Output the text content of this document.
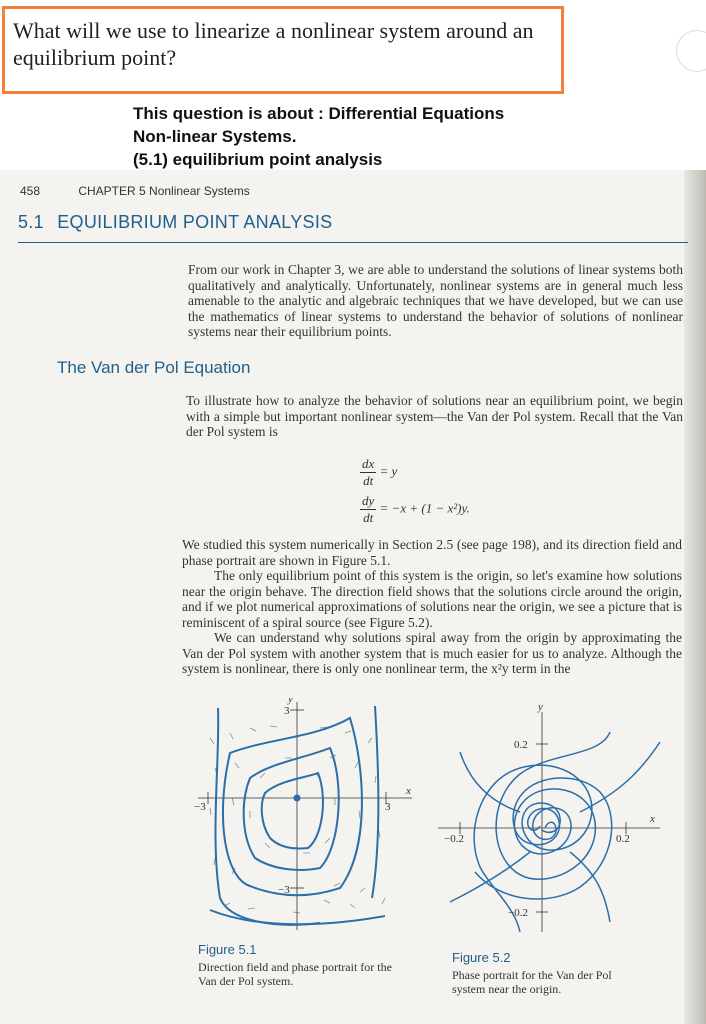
What will we use to linearize a nonlinear system around an equilibrium point?
This question is about : Differential Equations
Non-linear Systems.
(5.1) equilibrium point analysis
458	CHAPTER 5 Nonlinear Systems
5.1 EQUILIBRIUM POINT ANALYSIS
From our work in Chapter 3, we are able to understand the solutions of linear systems both qualitatively and analytically. Unfortunately, nonlinear systems are in general much less amenable to the analytic and algebraic techniques that we have developed, but we can use the mathematics of linear systems to understand the behavior of solutions of nonlinear systems near their equilibrium points.
The Van der Pol Equation
To illustrate how to analyze the behavior of solutions near an equilibrium point, we begin with a simple but important nonlinear system—the Van der Pol system. Recall that the Van der Pol system is
$\frac{dx}{dt} = y$
$\frac{dy}{dt} = -x + (1 - x^2)y$.

We studied this system numerically in Section 2.5 (see page 198), and its direction field and phase portrait are shown in Figure 5.1.

The only equilibrium point of this system is the origin, so let's examine how solutions near the origin behave. The direction field shows that the solutions circle around the origin, and if we plot numerical approximations of solutions near the origin, we see a picture that is reminiscent of a spiral source (see Figure 5.2).

We can understand why solutions spiral away from the origin by approximating the Van der Pol system with another system that is much easier for us to analyze. Although the system is nonlinear, there is only one nonlinear term, the x²y term in the

y
3
−3
−3	3
x
Figure 5.1
Direction field and phase portrait for the Van der Pol system.
y
0.2
−0.2
−0.2	0.2
x
Figure 5.2
Phase portrait for the Van der Pol system near the origin.
